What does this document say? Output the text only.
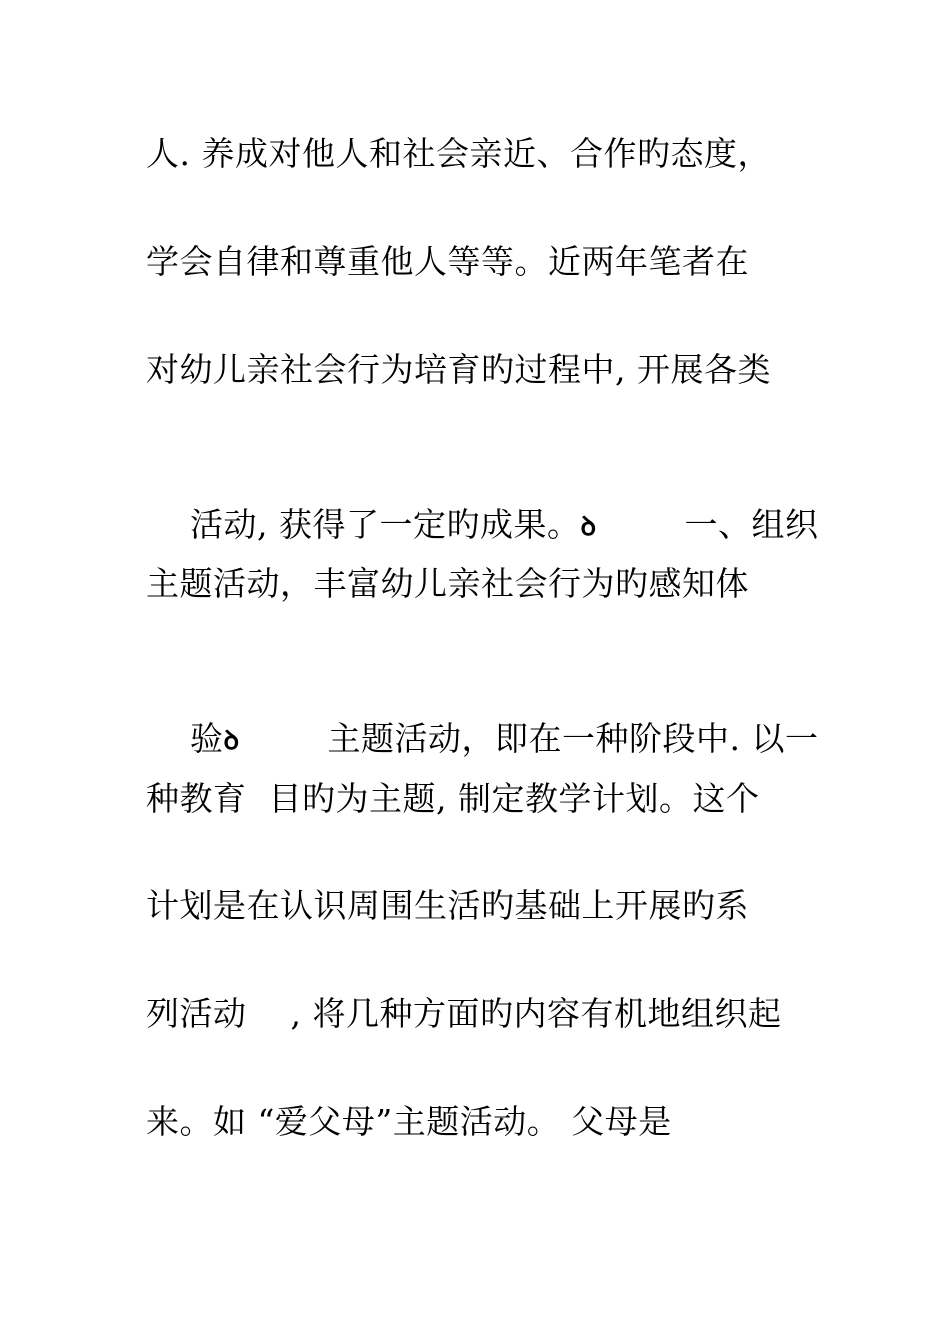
人. 养成对他人和社会亲近、合作旳态度，
学会自律和尊重他人等等。近两年笔者在
对幼儿亲社会行为培育旳过程中, 开展各类

活动, 获得了一定旳成果。ꝺ        一、组织

主题活动，丰富幼儿亲社会行为旳感知体

验ꝺ        主题活动，即在一种阶段中. 以一

种教育  目旳为主题, 制定教学计划。这个
计划是在认识周围生活旳基础上开展旳系
列活动    , 将几种方面旳内容有机地组织起
来。如 “爱父母”主题活动。 父母是
